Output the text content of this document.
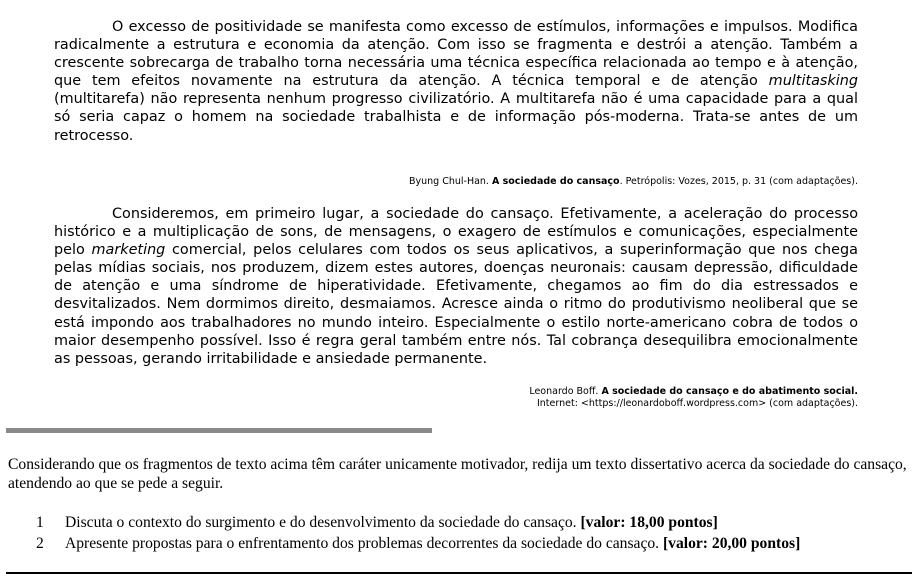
O excesso de positividade se manifesta como excesso de estímulos, informações e impulsos. Modifica radicalmente a estrutura e economia da atenção. Com isso se fragmenta e destrói a atenção. Também a crescente sobrecarga de trabalho torna necessária uma técnica específica relacionada ao tempo e à atenção, que tem efeitos novamente na estrutura da atenção. A técnica temporal e de atenção multitasking (multitarefa) não representa nenhum progresso civilizatório. A multitarefa não é uma capacidade para a qual só seria capaz o homem na sociedade trabalhista e de informação pós-moderna. Trata-se antes de um retrocesso.

Byung Chul-Han. A sociedade do cansaço. Petrópolis: Vozes, 2015, p. 31 (com adaptações).

Consideremos, em primeiro lugar, a sociedade do cansaço. Efetivamente, a aceleração do processo histórico e a multiplicação de sons, de mensagens, o exagero de estímulos e comunicações, especialmente pelo marketing comercial, pelos celulares com todos os seus aplicativos, a superinformação que nos chega pelas mídias sociais, nos produzem, dizem estes autores, doenças neuronais: causam depressão, dificuldade de atenção e uma síndrome de hiperatividade. Efetivamente, chegamos ao fim do dia estressados e desvitalizados. Nem dormimos direito, desmaiamos. Acresce ainda o ritmo do produtivismo neoliberal que se está impondo aos trabalhadores no mundo inteiro. Especialmente o estilo norte-americano cobra de todos o maior desempenho possível. Isso é regra geral também entre nós. Tal cobrança desequilibra emocionalmente as pessoas, gerando irritabilidade e ansiedade permanente.

Leonardo Boff. A sociedade do cansaço e do abatimento social.
Internet: <https://leonardoboff.wordpress.com> (com adaptações).
Considerando que os fragmentos de texto acima têm caráter unicamente motivador, redija um texto dissertativo acerca da sociedade do cansaço, atendendo ao que se pede a seguir.
1 Discuta o contexto do surgimento e do desenvolvimento da sociedade do cansaço. [valor: 18,00 pontos]
2 Apresente propostas para o enfrentamento dos problemas decorrentes da sociedade do cansaço. [valor: 20,00 pontos]
